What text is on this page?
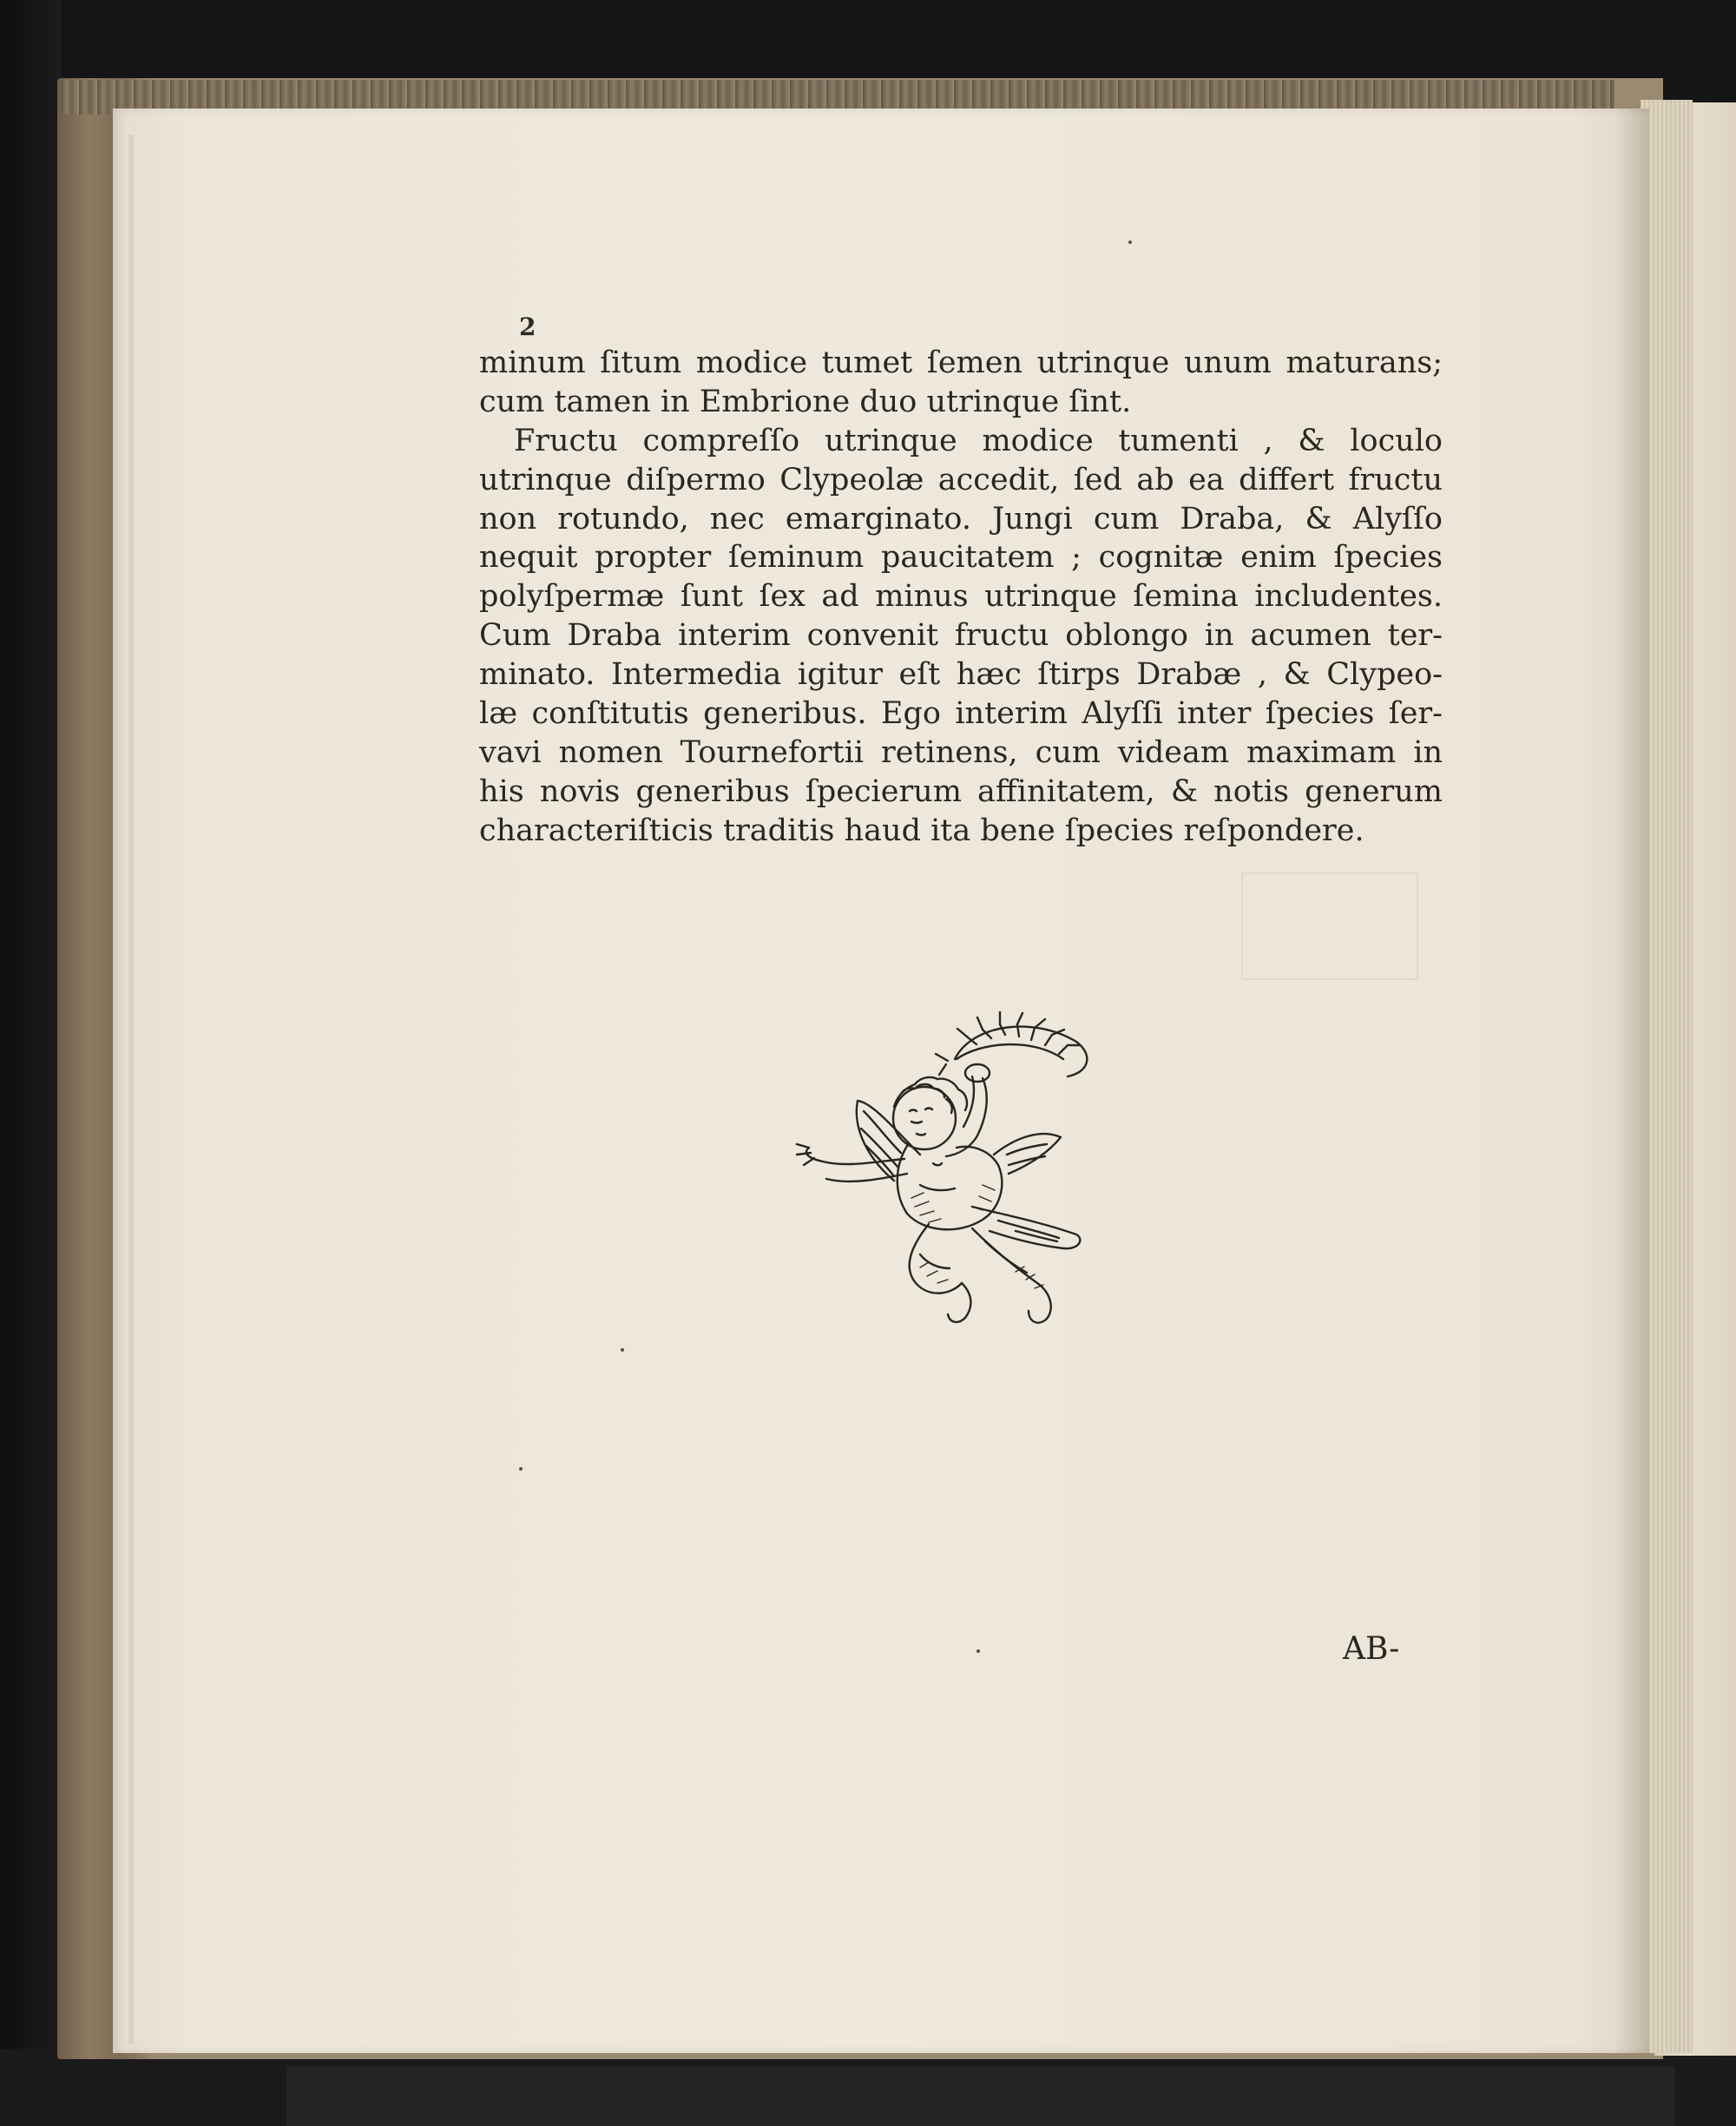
2
minum ſitum modice tumet ſemen utrinque unum maturans;
cum tamen in Embrione duo utrinque ſint.
Fructu compreſſo utrinque modice tumenti , & loculo
utrinque diſpermo Clypeolæ accedit, ſed ab ea differt fructu
non rotundo, nec emarginato. Jungi cum Draba, & Alyſſo
nequit propter ſeminum paucitatem ; cognitæ enim ſpecies
polyſpermæ ſunt ſex ad minus utrinque ſemina includentes.
Cum Draba interim convenit fructu oblongo in acumen ter-
minato. Intermedia igitur eſt hæc ſtirps Drabæ , & Clypeo-
læ conſtitutis generibus. Ego interim Alyſſi inter ſpecies ſer-
vavi nomen Tournefortii retinens, cum videam maximam in
his novis generibus ſpecierum affinitatem, & notis generum
characteriſticis traditis haud ita bene ſpecies reſpondere.
AB-
